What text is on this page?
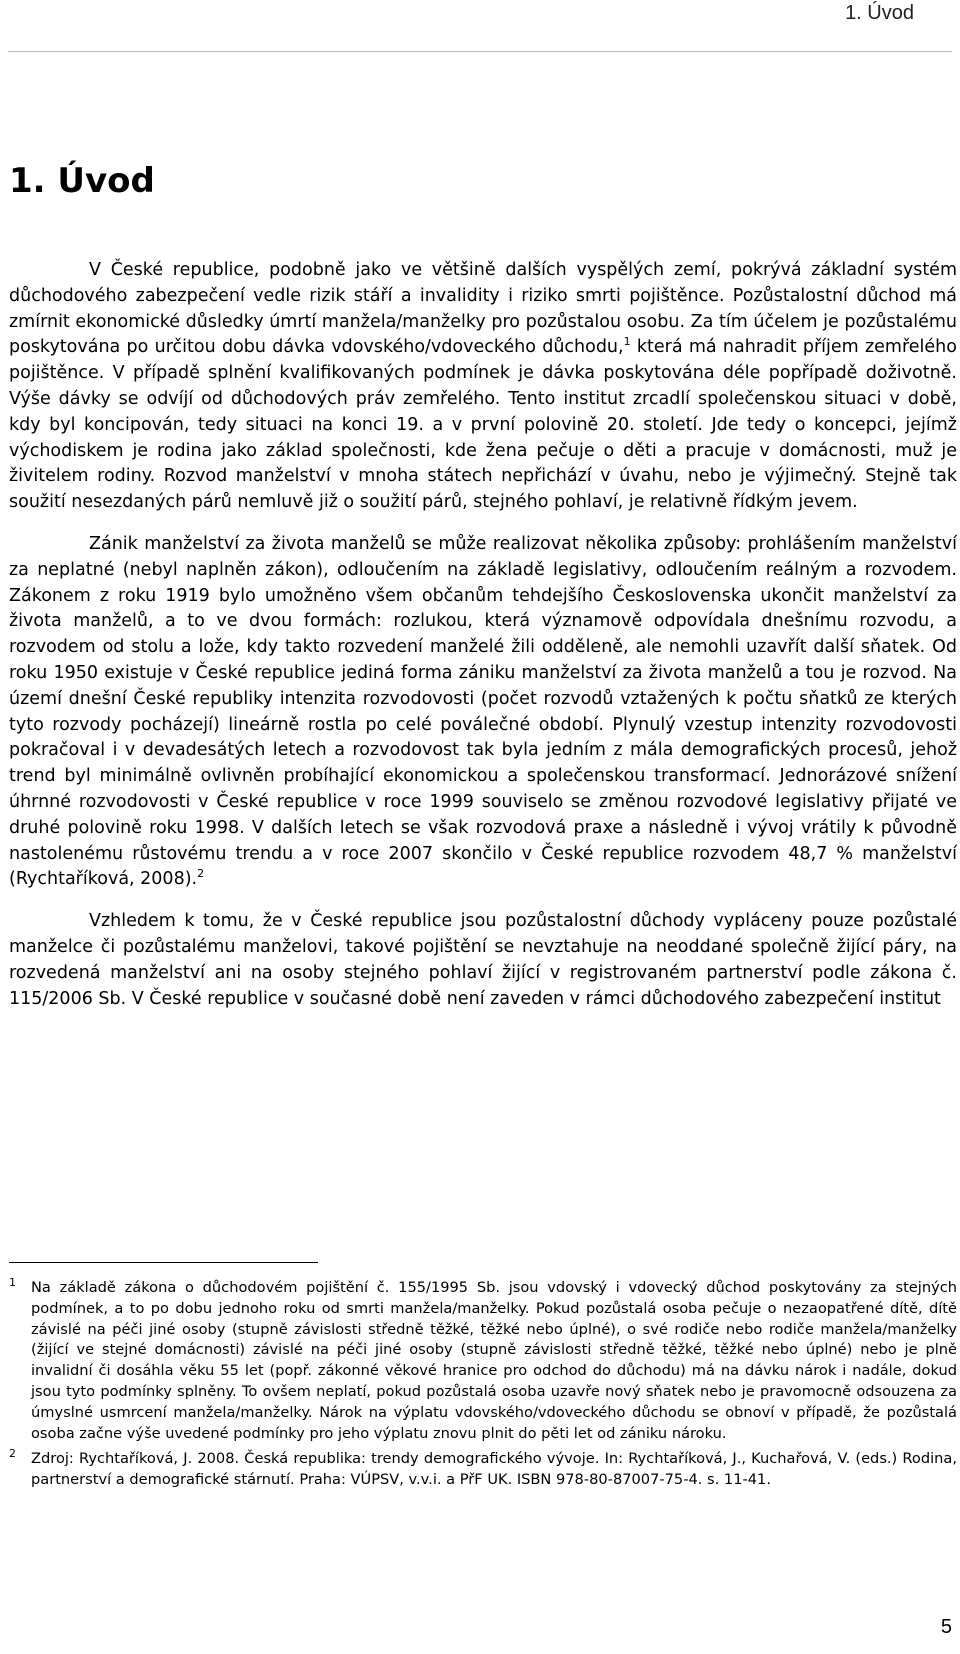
1. Úvod
1. Úvod

V České republice, podobně jako ve většině dalších vyspělých zemí, pokrývá základní systém důchodového zabezpečení vedle rizik stáří a invalidity i riziko smrti pojištěnce. Pozůstalostní důchod má zmírnit ekonomické důsledky úmrtí manžela/manželky pro pozůstalou osobu. Za tím účelem je pozůstalému poskytována po určitou dobu dávka vdovského/vdoveckého důchodu,$^1$ která má nahradit příjem zemřelého pojištěnce. V případě splnění kvalifikovaných podmínek je dávka poskytována déle popřípadě doživotně. Výše dávky se odvíjí od důchodových práv zemřelého. Tento institut zrcadlí společenskou situaci v době, kdy byl koncipován, tedy situaci na konci 19. a v první polovině 20. století. Jde tedy o koncepci, jejímž východiskem je rodina jako základ společnosti, kde žena pečuje o děti a pracuje v domácnosti, muž je živitelem rodiny. Rozvod manželství v mnoha státech nepřichází v úvahu, nebo je výjimečný. Stejně tak soužití nesezdaných párů nemluvě již o soužití párů, stejného pohlaví, je relativně řídkým jevem.

Zánik manželství za života manželů se může realizovat několika způsoby: prohlášením manželství za neplatné (nebyl naplněn zákon), odloučením na základě legislativy, odloučením reálným a rozvodem. Zákonem z roku 1919 bylo umožněno všem občanům tehdejšího Československa ukončit manželství za života manželů, a to ve dvou formách: rozlukou, která významově odpovídala dnešnímu rozvodu, a rozvodem od stolu a lože, kdy takto rozvedení manželé žili odděleně, ale nemohli uzavřít další sňatek. Od roku 1950 existuje v České republice jediná forma zániku manželství za života manželů a tou je rozvod. Na území dnešní České republiky intenzita rozvodovosti (počet rozvodů vztažených k počtu sňatků ze kterých tyto rozvody pocházejí) lineárně rostla po celé poválečné období. Plynulý vzestup intenzity rozvodovosti pokračoval i v devadesátých letech a rozvodovost tak byla jedním z mála demografických procesů, jehož trend byl minimálně ovlivněn probíhající ekonomickou a společenskou transformací. Jednorázové snížení úhrnné rozvodovosti v České republice v roce 1999 souviselo se změnou rozvodové legislativy přijaté ve druhé polovině roku 1998. V dalších letech se však rozvodová praxe a následně i vývoj vrátily k původně nastolenému růstovému trendu a v roce 2007 skončilo v České republice rozvodem 48,7 % manželství (Rychtaříková, 2008).$^2$

Vzhledem k tomu, že v České republice jsou pozůstalostní důchody vypláceny pouze pozůstalé manželce či pozůstalému manželovi, takové pojištění se nevztahuje na neoddané společně žijící páry, na rozvedená manželství ani na osoby stejného pohlaví žijící v registrovaném partnerství podle zákona č. 115/2006 Sb. V České republice v současné době není zaveden v rámci důchodového zabezpečení institut

1 Na základě zákona o důchodovém pojištění č. 155/1995 Sb. jsou vdovský i vdovecký důchod poskytovány za stejných podmínek, a to po dobu jednoho roku od smrti manžela/manželky. Pokud pozůstalá osoba pečuje o nezaopatřené dítě, dítě závislé na péči jiné osoby (stupně závislosti středně těžké, těžké nebo úplné), o své rodiče nebo rodiče manžela/manželky (žijící ve stejné domácnosti) závislé na péči jiné osoby (stupně závislosti středně těžké, těžké nebo úplné) nebo je plně invalidní či dosáhla věku 55 let (popř. zákonné věkové hranice pro odchod do důchodu) má na dávku nárok i nadále, dokud jsou tyto podmínky splněny. To ovšem neplatí, pokud pozůstalá osoba uzavře nový sňatek nebo je pravomocně odsouzena za úmyslné usmrcení manžela/manželky. Nárok na výplatu vdovského/vdoveckého důchodu se obnoví v případě, že pozůstalá osoba začne výše uvedené podmínky pro jeho výplatu znovu plnit do pěti let od zániku nároku.
2 Zdroj: Rychtaříková, J. 2008. Česká republika: trendy demografického vývoje. In: Rychtaříková, J., Kuchařová, V. (eds.) Rodina, partnerství a demografické stárnutí. Praha: VÚPSV, v.v.i. a PřF UK. ISBN 978-80-87007-75-4. s. 11-41.
5
